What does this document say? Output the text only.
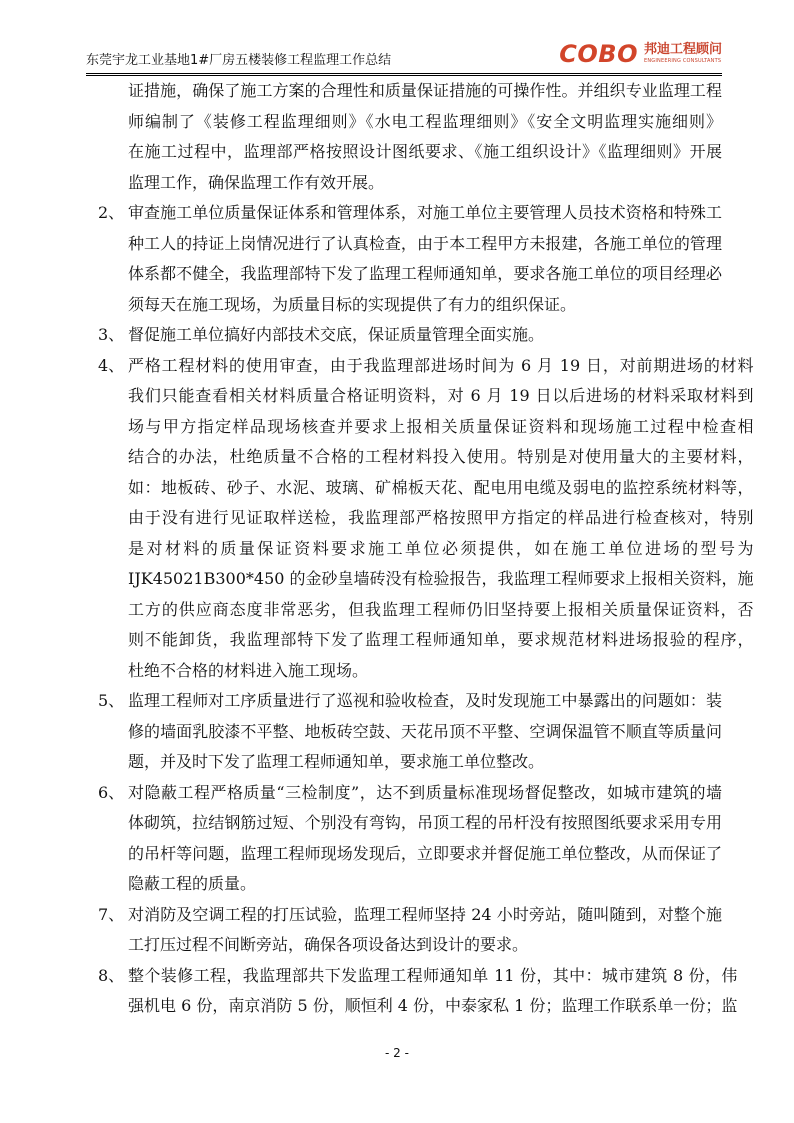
东莞宇龙工业基地1#厂房五楼装修工程监理工作总结	COBO 邦迪工程顾问
ENGINEERING CONSULTANTS
证措施，确保了施工方案的合理性和质量保证措施的可操作性。并组织专业监理工程
师编制了《装修工程监理细则》《水电工程监理细则》《安全文明监理实施细则》
在施工过程中，监理部严格按照设计图纸要求、《施工组织设计》《监理细则》开展
监理工作，确保监理工作有效开展。
2、 审查施工单位质量保证体系和管理体系，对施工单位主要管理人员技术资格和特殊工
种工人的持证上岗情况进行了认真检查，由于本工程甲方未报建，各施工单位的管理
体系都不健全，我监理部特下发了监理工程师通知单，要求各施工单位的项目经理必
须每天在施工现场，为质量目标的实现提供了有力的组织保证。
3、 督促施工单位搞好内部技术交底，保证质量管理全面实施。
4、 严格工程材料的使用审查，由于我监理部进场时间为 6 月 19 日，对前期进场的材料
我们只能查看相关材料质量合格证明资料，对 6 月 19 日以后进场的材料采取材料到
场与甲方指定样品现场核查并要求上报相关质量保证资料和现场施工过程中检查相
结合的办法，杜绝质量不合格的工程材料投入使用。特别是对使用量大的主要材料，
如：地板砖、砂子、水泥、玻璃、矿棉板天花、配电用电缆及弱电的监控系统材料等，
由于没有进行见证取样送检，我监理部严格按照甲方指定的样品进行检查核对，特别
是对材料的质量保证资料要求施工单位必须提供，如在施工单位进场的型号为
IJK45021B300*450 的金砂皇墙砖没有检验报告，我监理工程师要求上报相关资料，施
工方的供应商态度非常恶劣，但我监理工程师仍旧坚持要上报相关质量保证资料，否
则不能卸货，我监理部特下发了监理工程师通知单，要求规范材料进场报验的程序，
杜绝不合格的材料进入施工现场。
5、 监理工程师对工序质量进行了巡视和验收检查，及时发现施工中暴露出的问题如：装
修的墙面乳胶漆不平整、地板砖空鼓、天花吊顶不平整、空调保温管不顺直等质量问
题，并及时下发了监理工程师通知单，要求施工单位整改。
6、 对隐蔽工程严格质量“三检制度”，达不到质量标准现场督促整改，如城市建筑的墙
体砌筑，拉结钢筋过短、个别没有弯钩，吊顶工程的吊杆没有按照图纸要求采用专用
的吊杆等问题，监理工程师现场发现后，立即要求并督促施工单位整改，从而保证了
隐蔽工程的质量。
7、 对消防及空调工程的打压试验，监理工程师坚持 24 小时旁站，随叫随到，对整个施
工打压过程不间断旁站，确保各项设备达到设计的要求。
8、 整个装修工程，我监理部共下发监理工程师通知单 11 份，其中：城市建筑 8 份，伟
强机电 6 份，南京消防 5 份，顺恒利 4 份，中泰家私 1 份；监理工作联系单一份；监
- 2 -
